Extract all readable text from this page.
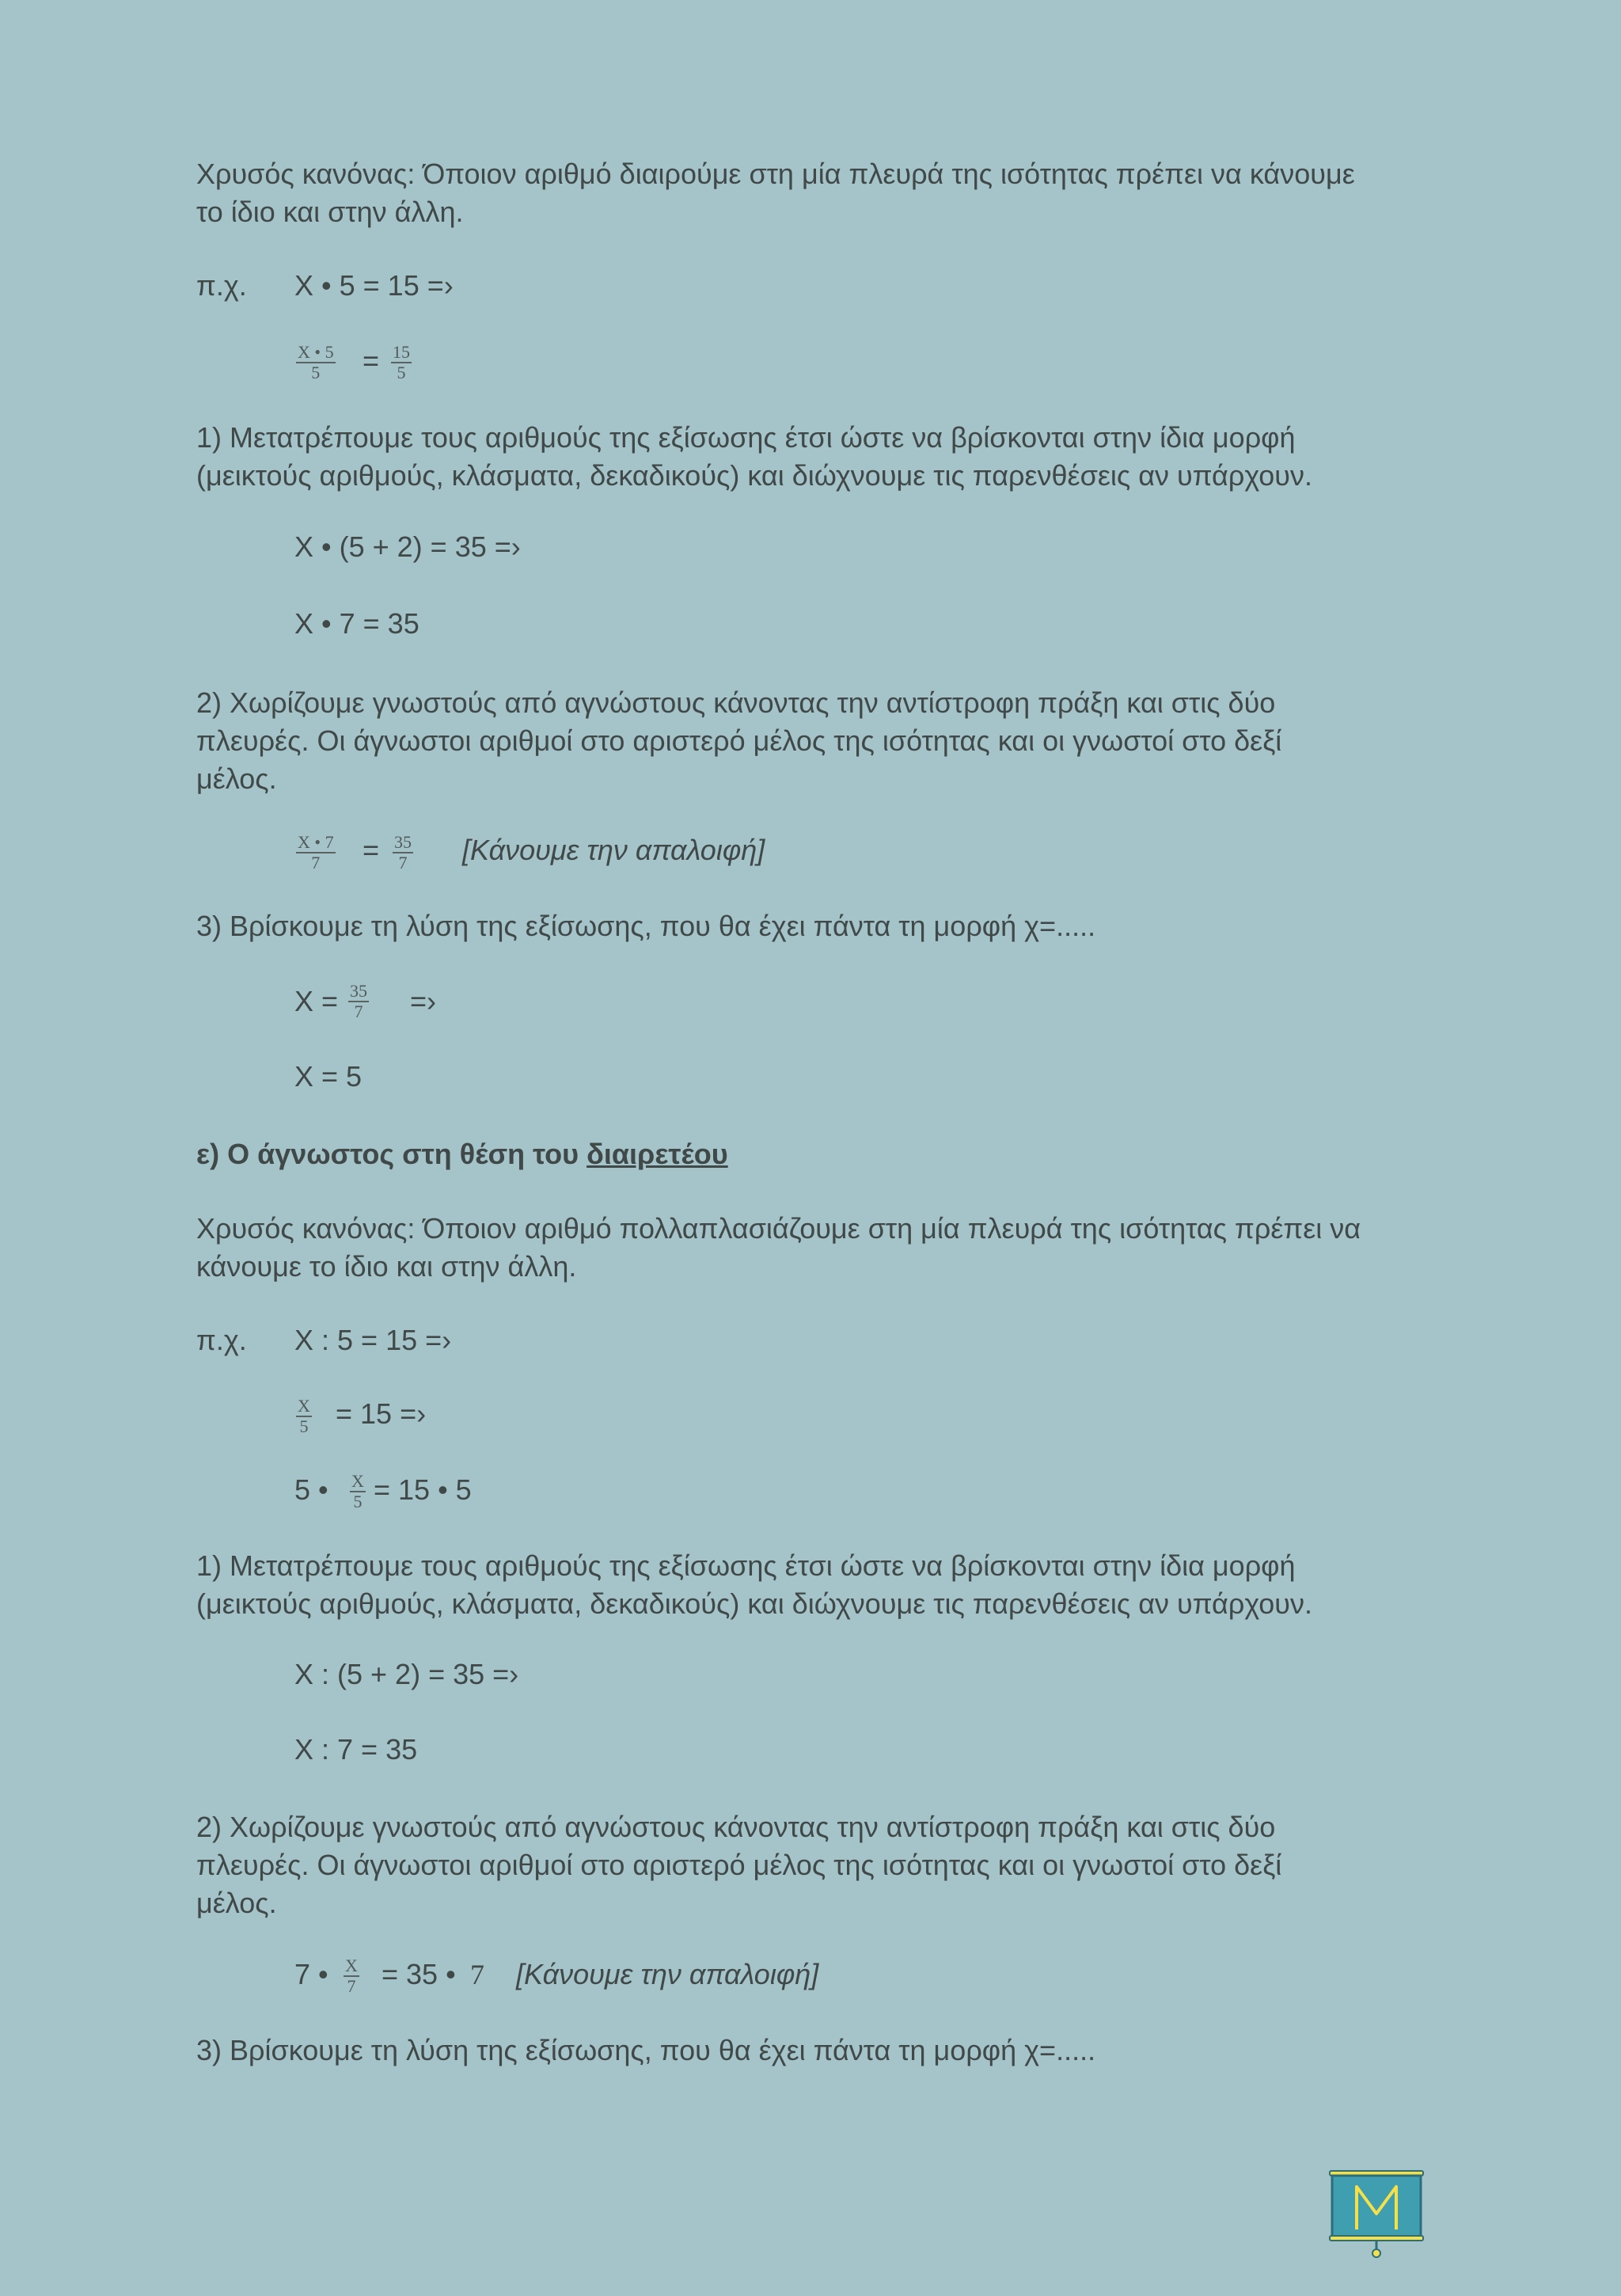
Χρυσός κανόνας: Όποιον αριθμό διαιρούμε στη μία πλευρά της ισότητας πρέπει να κάνουμε
το ίδιο και στην άλλη.
π.χ. Χ • 5 = 15 =›
$\frac{X • 5}{5} = \frac{15}{5}$
1) Μετατρέπουμε τους αριθμούς της εξίσωσης έτσι ώστε να βρίσκονται στην ίδια μορφή
(μεικτούς αριθμούς, κλάσματα, δεκαδικούς) και διώχνουμε τις παρενθέσεις αν υπάρχουν.
Χ • (5 + 2) = 35 =›
Χ • 7 = 35
2) Χωρίζουμε γνωστούς από αγνώστους κάνοντας την αντίστροφη πράξη και στις δύο
πλευρές. Οι άγνωστοι αριθμοί στο αριστερό μέλος της ισότητας και οι γνωστοί στο δεξί
μέλος.
$\frac{X • 7}{7} = \frac{35}{7} [Kά\nu o\upsilon\mu\varepsilon$ την απαλοιφή]
3) Βρίσκουμε τη λύση της εξίσωσης, που θα έχει πάντα τη μορφή χ=.....
$X = \frac{35}{7}$ =›
Χ = 5
ε) Ο άγνωστος στη θέση του διαιρετέου
Χρυσός κανόνας: Όποιον αριθμό πολλαπλασιάζουμε στη μία πλευρά της ισότητας πρέπει να
κάνουμε το ίδιο και στην άλλη.
π.χ. Χ : 5 = 15 =›
$\frac{X}{5} = 15$ =›
5 • $\frac{X}{5} = 15$ • 5
1) Μετατρέπουμε τους αριθμούς της εξίσωσης έτσι ώστε να βρίσκονται στην ίδια μορφή
(μεικτούς αριθμούς, κλάσματα, δεκαδικούς) και διώχνουμε τις παρενθέσεις αν υπάρχουν.
Χ : (5 + 2) = 35 =›
Χ : 7 = 35
2) Χωρίζουμε γνωστούς από αγνώστους κάνοντας την αντίστροφη πράξη και στις δύο
πλευρές. Οι άγνωστοι αριθμοί στο αριστερό μέλος της ισότητας και οι γνωστοί στο δεξί
μέλος.
7 • $\frac{X}{7} = 35$ • 7 [Κάνουμε την απαλοιφή]
3) Βρίσκουμε τη λύση της εξίσωσης, που θα έχει πάντα τη μορφή χ=.....
